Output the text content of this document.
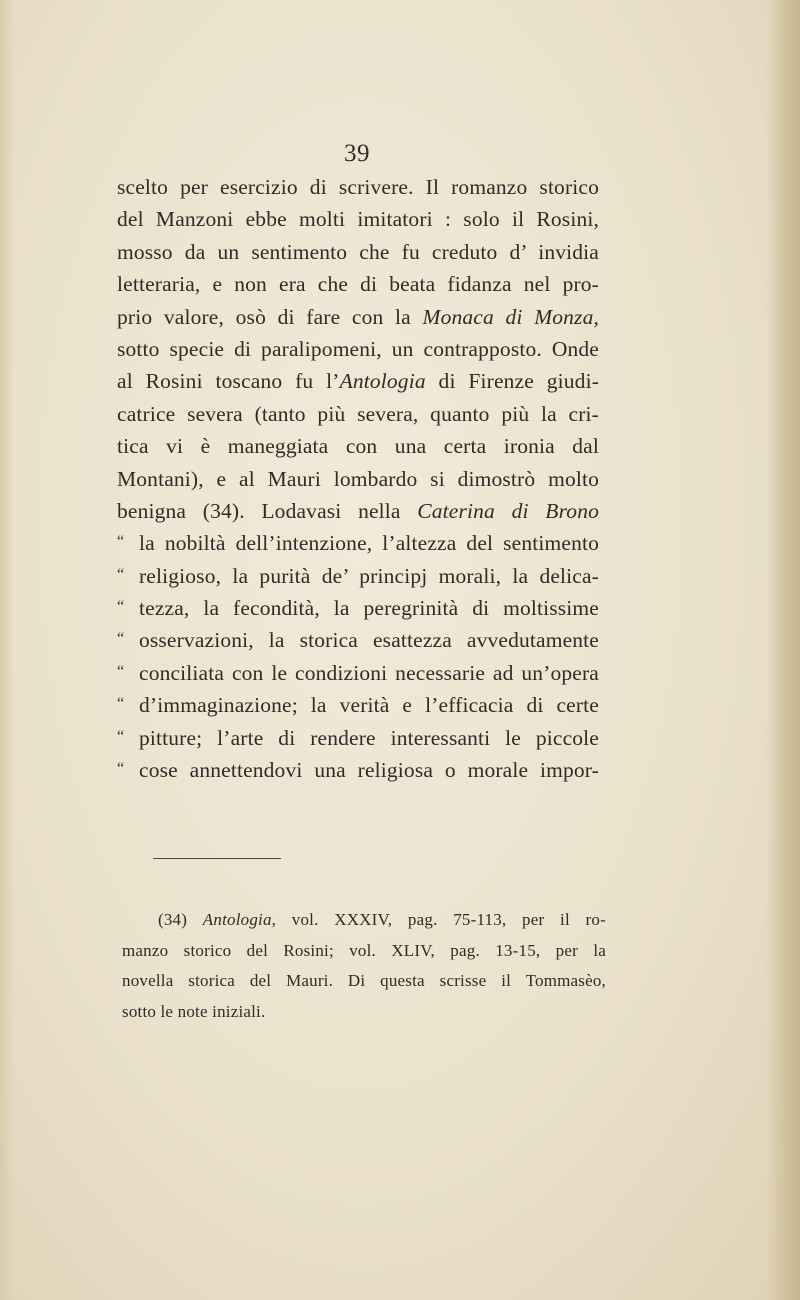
39
scelto per esercizio di scrivere. Il romanzo storico
del Manzoni ebbe molti imitatori : solo il Rosini,
mosso da un sentimento che fu creduto d’ invidia
letteraria, e non era che di beata fidanza nel pro-
prio valore, osò di fare con la Monaca di Monza,
sotto specie di paralipomeni, un contrapposto. Onde
al Rosini toscano fu l’Antologia di Firenze giudi-
catrice severa (tanto più severa, quanto più la cri-
tica vi è maneggiata con una certa ironia dal
Montani), e al Mauri lombardo si dimostrò molto
benigna (34). Lodavasi nella Caterina di Brono
“ la nobiltà dell’intenzione, l’altezza del sentimento
“ religioso, la purità de’ principj morali, la delica-
“ tezza, la fecondità, la peregrinità di moltissime
“ osservazioni, la storica esattezza avvedutamente
“ conciliata con le condizioni necessarie ad un’opera
“ d’immaginazione; la verità e l’efficacia di certe
“ pitture; l’arte di rendere interessanti le piccole
“ cose annettendovi una religiosa o morale impor-
(34) Antologia, vol. XXXIV, pag. 75-113, per il ro-
manzo storico del Rosini; vol. XLIV, pag. 13-15, per la
novella storica del Mauri. Di questa scrisse il Tommasèo,
sotto le note iniziali.
